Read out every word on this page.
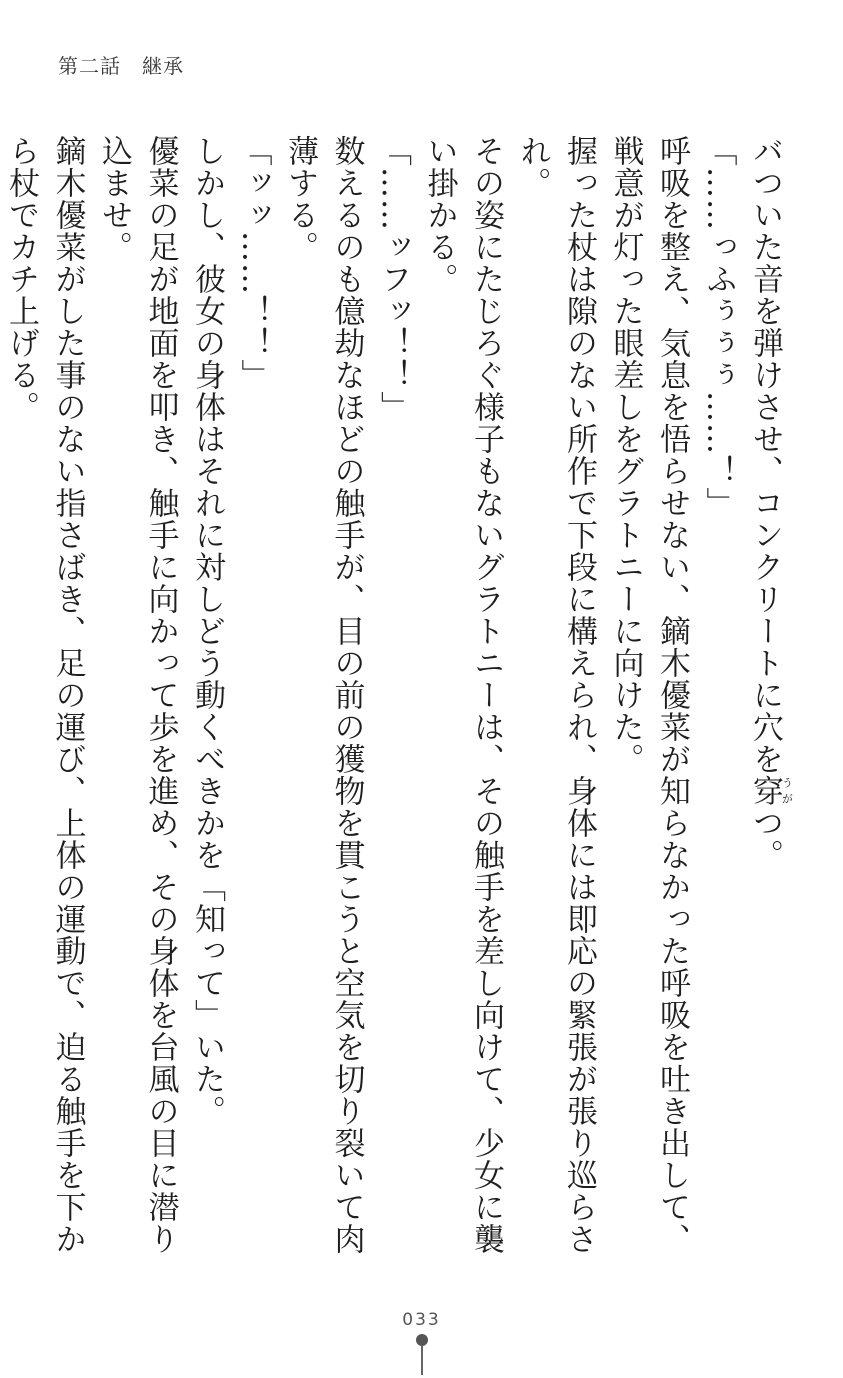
第二話　継承

バついた音を弾けさせ、コンクリートに穴を穿うがつ。

「……っふぅぅぅ……！」

呼吸を整え、気息を悟らせない、鏑木優菜が知らなかった呼吸を吐き出して、戦意が灯った眼差しをグラトニーに向けた。

握った杖は隙のない所作で下段に構えられ、身体には即応の緊張が張り巡らされ。

その姿にたじろぐ様子もないグラトニーは、その触手を差し向けて、少女に襲い掛かる。

「……ッフッ！！」

数えるのも億劫なほどの触手が、目の前の獲物を貫こうと空気を切り裂いて肉薄する。

「ッッ……！！」

しかし、彼女の身体はそれに対しどう動くべきかを「知って」いた。

優菜の足が地面を叩き、触手に向かって歩を進め、その身体を台風の目に潜り込ませ。

鏑木優菜がした事のない指さばき、足の運び、上体の運動で、迫る触手を下から杖でカチ上げる。

033
